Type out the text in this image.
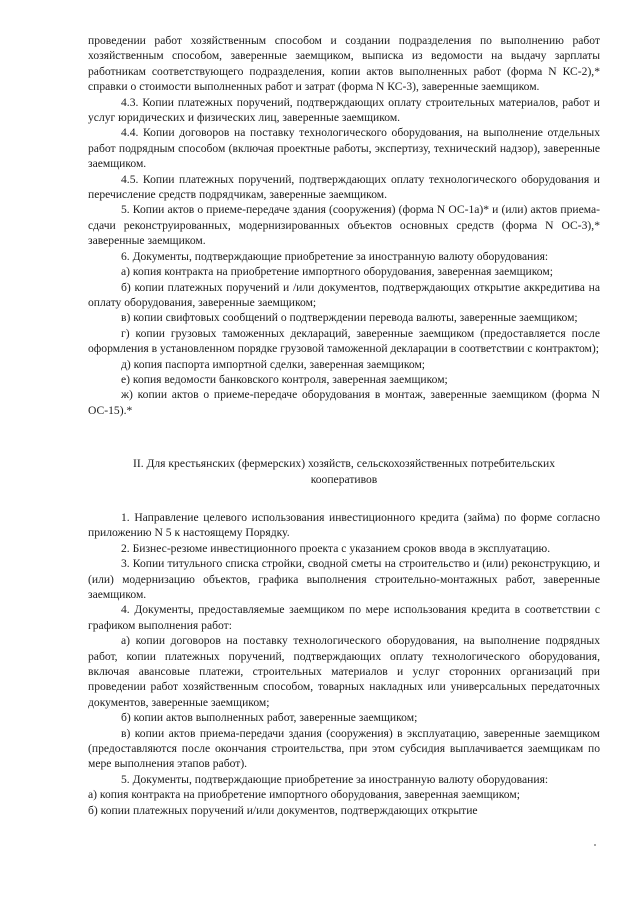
проведении работ хозяйственным способом и создании подразделения по выполнению работ хозяйственным способом, заверенные заемщиком, выписка из ведомости на выдачу зарплаты работникам соответствующего подразделения, копии актов выполненных работ (форма N КС-2),* справки о стоимости выполненных работ и затрат (форма N КС-3), заверенные заемщиком.

4.3. Копии платежных поручений, подтверждающих оплату строительных материалов, работ и услуг юридических и физических лиц, заверенные заемщиком.

4.4. Копии договоров на поставку технологического оборудования, на выполнение отдельных работ подрядным способом (включая проектные работы, экспертизу, технический надзор), заверенные заемщиком.

4.5. Копии платежных поручений, подтверждающих оплату технологического оборудования и перечисление средств подрядчикам, заверенные заемщиком.

5. Копии актов о приеме-передаче здания (сооружения) (форма N ОС-1а)* и (или) актов приема-сдачи реконструированных, модернизированных объектов основных средств (форма N ОС-3),* заверенные заемщиком.

6. Документы, подтверждающие приобретение за иностранную валюту оборудования:

а) копия контракта на приобретение импортного оборудования, заверенная заемщиком;

б) копии платежных поручений и /или документов, подтверждающих открытие аккредитива на оплату оборудования, заверенные заемщиком;

в) копии свифтовых сообщений о подтверждении перевода валюты, заверенные заемщиком;

г) копии грузовых таможенных деклараций, заверенные заемщиком (предоставляется после оформления в установленном порядке грузовой таможенной декларации в соответствии с контрактом);

д) копия паспорта импортной сделки, заверенная заемщиком;

е) копия ведомости банковского контроля, заверенная заемщиком;

ж) копии актов о приеме-передаче оборудования в монтаж, заверенные заемщиком (форма N ОС-15).*

II. Для крестьянских (фермерских) хозяйств, сельскохозяйственных потребительских

кооперативов

1. Направление целевого использования инвестиционного кредита (займа) по форме согласно приложению N 5 к настоящему Порядку.

2. Бизнес-резюме инвестиционного проекта с указанием сроков ввода в эксплуатацию.

3. Копии титульного списка стройки, сводной сметы на строительство и (или) реконструкцию, и (или) модернизацию объектов, графика выполнения строительно-монтажных работ, заверенные заемщиком.

4. Документы, предоставляемые заемщиком по мере использования кредита в соответствии с графиком выполнения работ:

а) копии договоров на поставку технологического оборудования, на выполнение подрядных работ, копии платежных поручений, подтверждающих оплату технологического оборудования, включая авансовые платежи, строительных материалов и услуг сторонних организаций при проведении работ хозяйственным способом, товарных накладных или универсальных передаточных документов, заверенные заемщиком;

б) копии актов выполненных работ, заверенные заемщиком;

в) копии актов приема-передачи здания (сооружения) в эксплуатацию, заверенные заемщиком (предоставляются после окончания строительства, при этом субсидия выплачивается заемщикам по мере выполнения этапов работ).

5. Документы, подтверждающие приобретение за иностранную валюту оборудования:

а) копия контракта на приобретение импортного оборудования, заверенная заемщиком;

б) копии платежных поручений и/или документов, подтверждающих открытие
